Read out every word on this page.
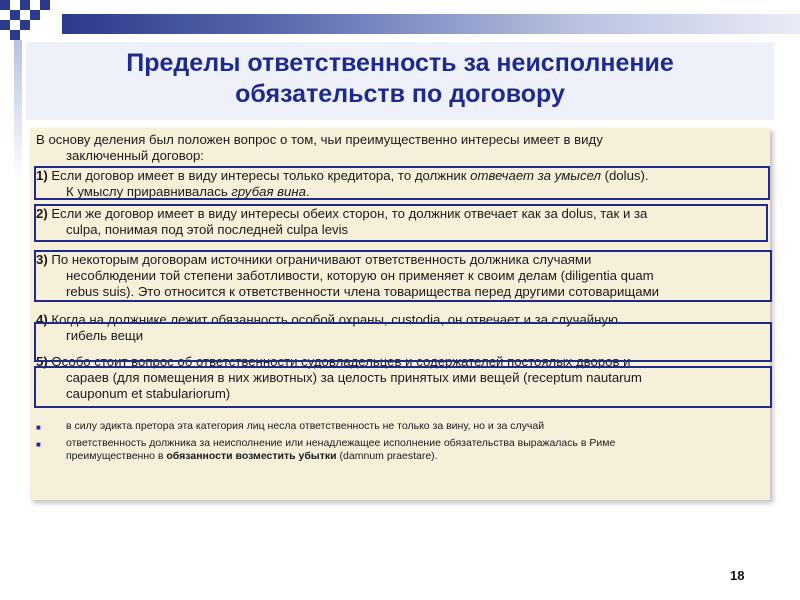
Пределы ответственность за неисполнение
обязательств по договору
В основу деления был положен вопрос о том, чьи преимущественно интересы имеет в виду
заключенный договор:
1) Если договор имеет в виду интересы только кредитора, то должник отвечает за умысел (dolus).
К умыслу приравнивалась грубая вина.
2) Если же договор имеет в виду интересы обеих сторон, то должник отвечает как за dolus, так и за
culpa, понимая под этой последней culpa levis
3) По некоторым договорам источники ограничивают ответственность должника случаями
несоблюдении той степени заботливости, которую он применяет к своим делам (diligentia quam
rebus suis). Это относится к ответственности члена товарищества перед другими сотоварищами
4) Когда на должнике лежит обязанность особой охраны, custodia, он отвечает и за случайную
гибель вещи
5) Особо стоит вопрос об ответственности судовладельцев и содержателей постоялых дворов и
сараев (для помещения в них животных) за целость принятых ими вещей (receptum nautarum
cauponum et stabulariorum)
■	в силу эдикта претора эта категория лиц несла ответственность не только за вину, но и за случай
■	ответственность должника за неисполнение или ненадлежащее исполнение обязательства выражалась в Риме
преимущественно в обязанности возместить убытки (damnum praestare).
18
